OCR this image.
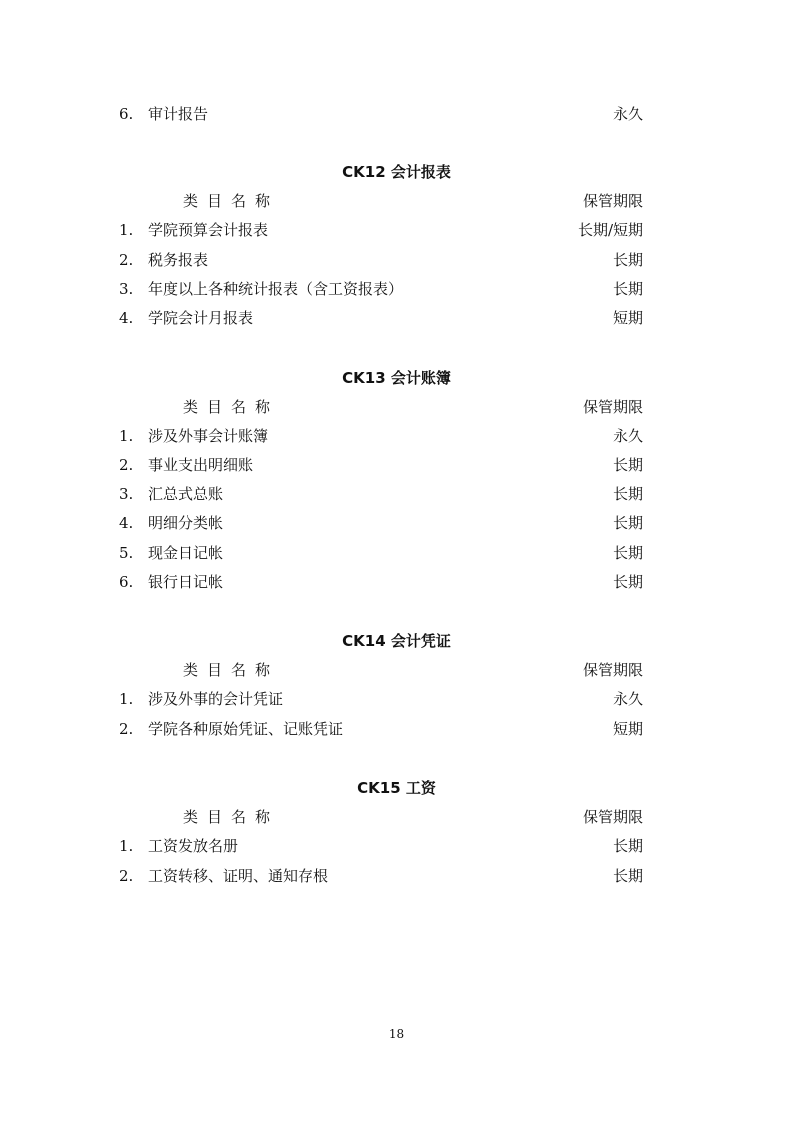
6. 审计报告	永久
CK12 会计报表
类目名称	保管期限
1. 学院预算会计报表	长期/短期
2. 税务报表	长期
3. 年度以上各种统计报表（含工资报表）	长期
4. 学院会计月报表	短期
CK13 会计账簿
类目名称	保管期限
1. 涉及外事会计账簿	永久
2. 事业支出明细账	长期
3. 汇总式总账	长期
4. 明细分类帐	长期
5. 现金日记帐	长期
6. 银行日记帐	长期
CK14 会计凭证
类目名称	保管期限
1. 涉及外事的会计凭证	永久
2. 学院各种原始凭证、记账凭证	短期
CK15 工资
类目名称	保管期限
1. 工资发放名册	长期
2. 工资转移、证明、通知存根	长期
18
